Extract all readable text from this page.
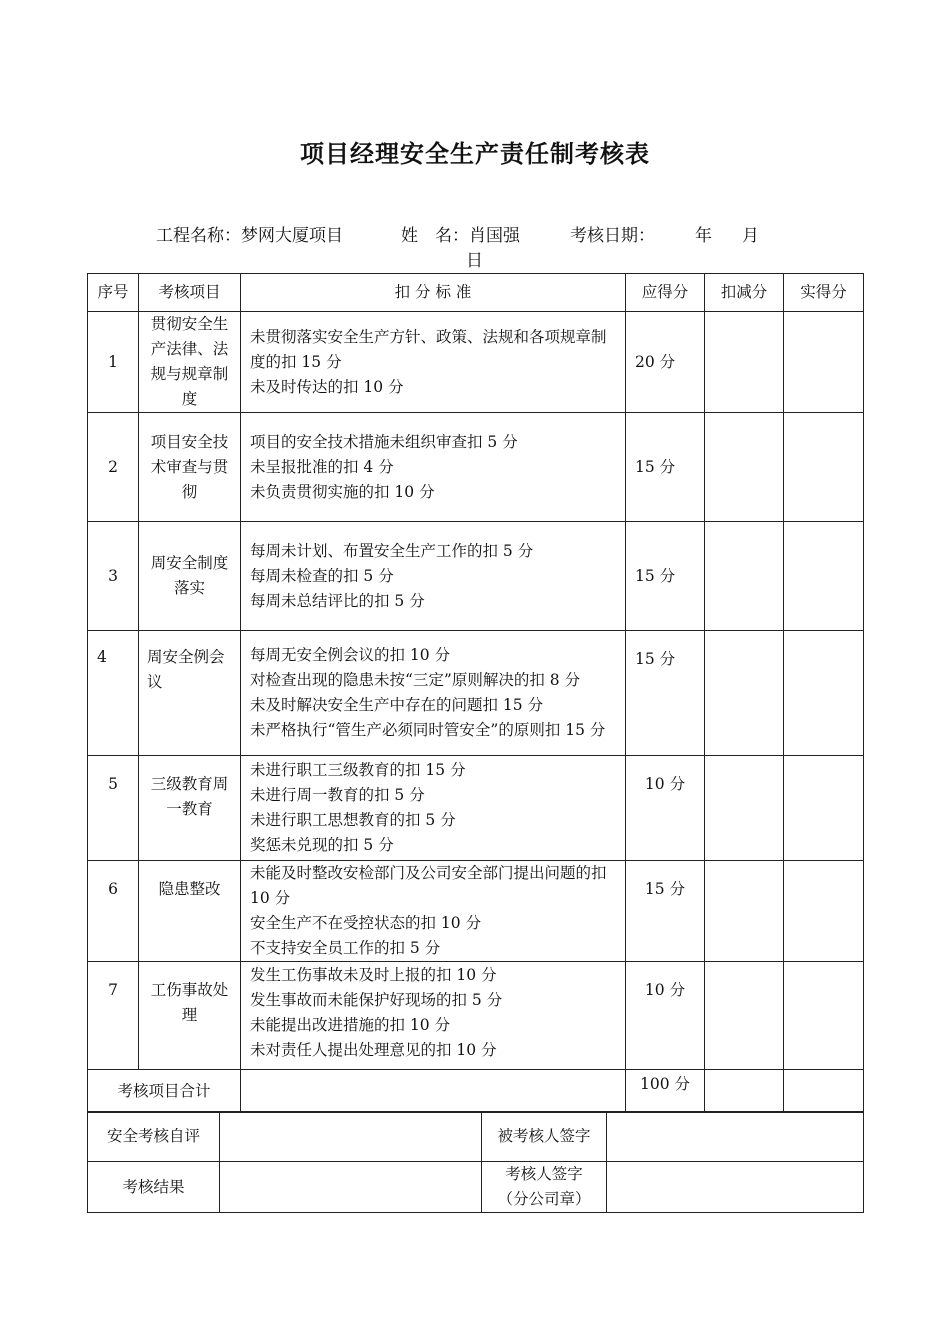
项目经理安全生产责任制考核表
工程名称：梦网大厦项目	姓　名：肖国强	考核日期： 年 月
日
序号	考核项目	扣 分 标 准	应得分	扣减分	实得分
1	贯彻安全生产法律、法规与规章制度	未贯彻落实安全生产方针、政策、法规和各项规章制度的扣 15 分
未及时传达的扣 10 分	20 分		
2	项目安全技术审查与贯彻	项目的安全技术措施未组织审查扣 5 分
未呈报批准的扣 4 分
未负责贯彻实施的扣 10 分	15 分		
3	周安全制度落实	每周未计划、布置安全生产工作的扣 5 分
每周未检查的扣 5 分
每周未总结评比的扣 5 分	15 分		
4	周安全例会议	每周无安全例会议的扣 10 分
对检查出现的隐患未按“三定”原则解决的扣 8 分
未及时解决安全生产中存在的问题扣 15 分
未严格执行“管生产必须同时管安全”的原则扣 15 分	15 分		
5	三级教育周一教育	未进行职工三级教育的扣 15 分
未进行周一教育的扣 5 分
未进行职工思想教育的扣 5 分
奖惩未兑现的扣 5 分	10 分		
6	隐患整改	未能及时整改安检部门及公司安全部门提出问题的扣 10 分
安全生产不在受控状态的扣 10 分
不支持安全员工作的扣 5 分	15 分		
7	工伤事故处理	发生工伤事故未及时上报的扣 10 分
发生事故而未能保护好现场的扣 5 分
未能提出改进措施的扣 10 分
未对责任人提出处理意见的扣 10 分	10 分		
考核项目合计			100 分		
安全考核自评		被考核人签字	
考核结果		考核人签字
（分公司章）	
